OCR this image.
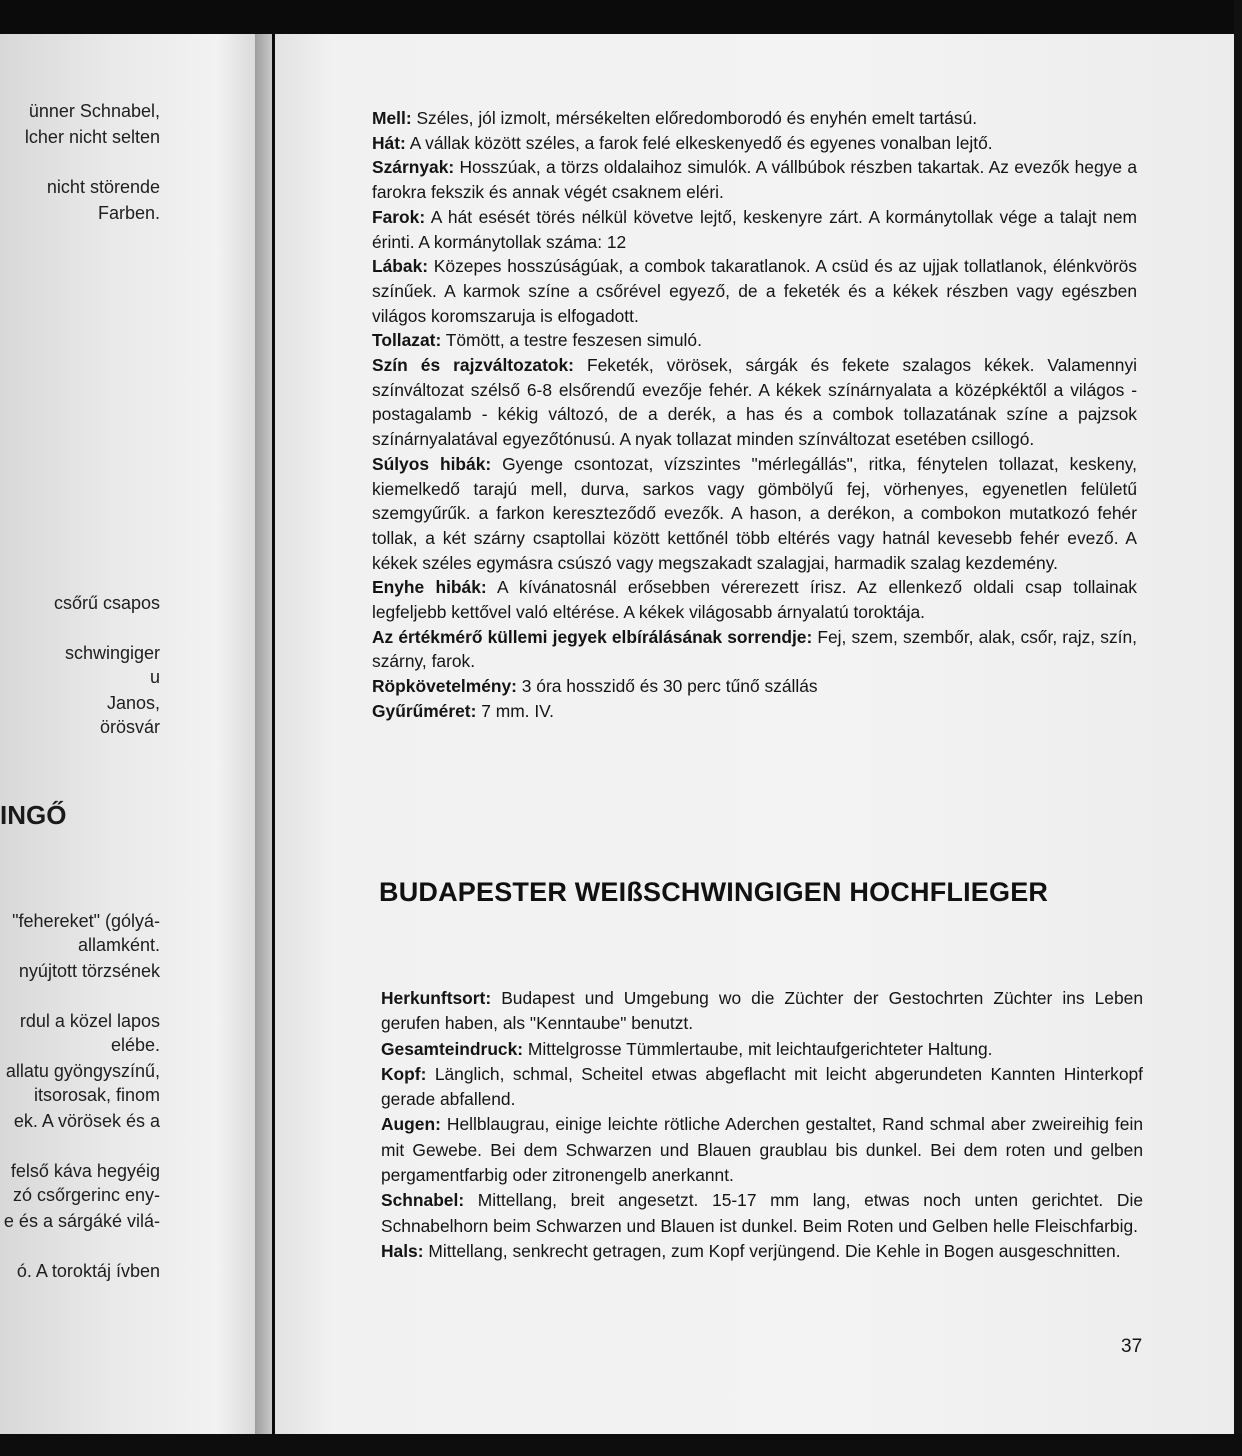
ünner Schnabel,
lcher nicht selten
nicht störende
Farben.
csőrű csapos
schwingiger
u
Janos,
örösvár
"fehereket" (gólyá-
allamként.
nyújtott törzsének
rdul a közel lapos
elébe.
allatu gyöngyszínű,
itsorosak, finom
ek. A vörösek és a
felső káva hegyéig
zó csőrgerinc eny-
e és a sárgáké vilá-
ó. A toroktáj ívben
INGŐ

Mell: Széles, jól izmolt, mérsékelten előredomborodó és enyhén emelt tartású.

Hát: A vállak között széles, a farok felé elkeskenyedő és egyenes vonalban lejtő.

Szárnyak: Hosszúak, a törzs oldalaihoz simulók. A vállbúbok részben takartak. Az evezők hegye a farokra fekszik és annak végét csaknem eléri.

Farok: A hát esését törés nélkül követve lejtő, keskenyre zárt. A kormánytollak vége a talajt nem érinti. A kormánytollak száma: 12

Lábak: Közepes hosszúságúak, a combok takaratlanok. A csüd és az ujjak tollatlanok, élénkvörös színűek. A karmok színe a csőrével egyező, de a feketék és a kékek részben vagy egészben világos koromszaruja is elfogadott.

Tollazat: Tömött, a testre feszesen simuló.

Szín és rajzváltozatok: Feketék, vörösek, sárgák és fekete szalagos kékek. Valamennyi színváltozat szélső 6-8 elsőrendű evezője fehér. A kékek színárnyalata a középkéktől a világos - postagalamb - kékig változó, de a derék, a has és a combok tollazatának színe a pajzsok színárnyalatával egyezőtónusú. A nyak tollazat minden színváltozat esetében csillogó.

Súlyos hibák: Gyenge csontozat, vízszintes "mérlegállás", ritka, fénytelen tollazat, keskeny, kiemelkedő tarajú mell, durva, sarkos vagy gömbölyű fej, vörhenyes, egyenetlen felületű szemgyűrűk. a farkon kereszteződő evezők. A hason, a derékon, a combokon mutatkozó fehér tollak, a két szárny csaptollai között kettőnél több eltérés vagy hatnál kevesebb fehér evező. A kékek széles egymásra csúszó vagy megszakadt szalagjai, harmadik szalag kezdemény.

Enyhe hibák: A kívánatosnál erősebben vérerezett írisz. Az ellenkező oldali csap tollainak legfeljebb kettővel való eltérése. A kékek világosabb árnyalatú toroktája.

Az értékmérő küllemi jegyek elbírálásának sorrendje: Fej, szem, szembőr, alak, csőr, rajz, szín, szárny, farok.

Röpkövetelmény: 3 óra hosszidő és 30 perc tűnő szállás

Gyűrűméret: 7 mm. IV.

BUDAPESTER WEIßSCHWINGIGEN HOCHFLIEGER

Herkunftsort: Budapest und Umgebung wo die Züchter der Gestochrten Züchter ins Leben gerufen haben, als "Kenntaube" benutzt.

Gesamteindruck: Mittelgrosse Tümmlertaube, mit leichtaufgerichteter Haltung.

Kopf: Länglich, schmal, Scheitel etwas abgeflacht mit leicht abgerundeten Kannten Hinterkopf gerade abfallend.

Augen: Hellblaugrau, einige leichte rötliche Aderchen gestaltet, Rand schmal aber zweireihig fein mit Gewebe. Bei dem Schwarzen und Blauen graublau bis dunkel. Bei dem roten und gelben pergamentfarbig oder zitronengelb anerkannt.

Schnabel: Mittellang, breit angesetzt. 15-17 mm lang, etwas noch unten gerichtet. Die Schnabelhorn beim Schwarzen und Blauen ist dunkel. Beim Roten und Gelben helle Fleischfarbig.

Hals: Mittellang, senkrecht getragen, zum Kopf verjüngend. Die Kehle in Bogen ausgeschnitten.

37
